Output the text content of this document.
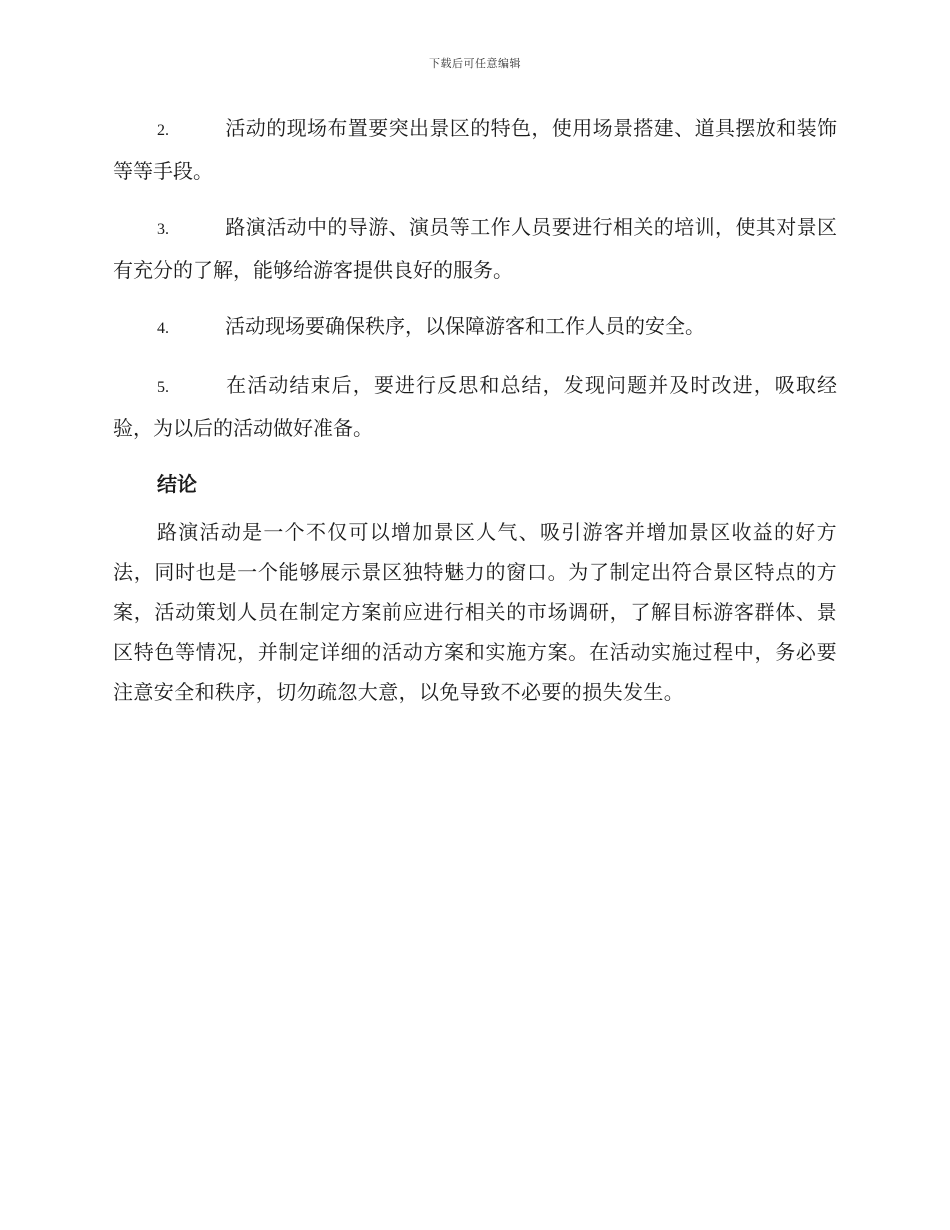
下载后可任意编辑

2.	活动的现场布置要突出景区的特色，使用场景搭建、道具摆放和装饰等等手段。

3.	路演活动中的导游、演员等工作人员要进行相关的培训，使其对景区有充分的了解，能够给游客提供良好的服务。

4.	活动现场要确保秩序，以保障游客和工作人员的安全。

5.	在活动结束后，要进行反思和总结，发现问题并及时改进，吸取经验，为以后的活动做好准备。

结论

路演活动是一个不仅可以增加景区人气、吸引游客并增加景区收益的好方法，同时也是一个能够展示景区独特魅力的窗口。为了制定出符合景区特点的方案，活动策划人员在制定方案前应进行相关的市场调研，了解目标游客群体、景区特色等情况，并制定详细的活动方案和实施方案。在活动实施过程中，务必要注意安全和秩序，切勿疏忽大意，以免导致不必要的损失发生。
